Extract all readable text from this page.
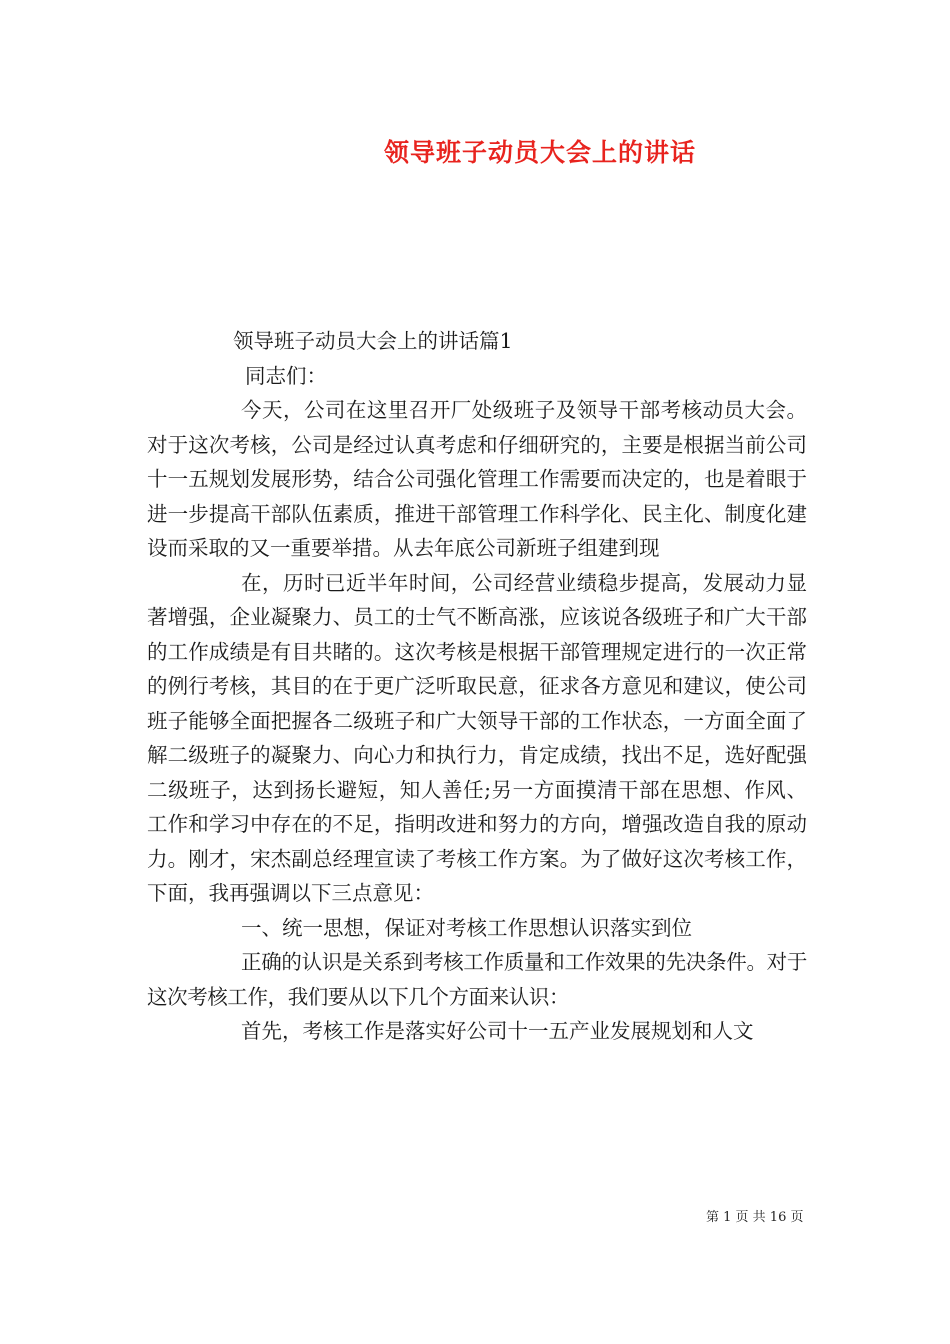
领导班子动员大会上的讲话

领导班子动员大会上的讲话篇1

同志们：

今天，公司在这里召开厂处级班子及领导干部考核动员大会。对于这次考核，公司是经过认真考虑和仔细研究的，主要是根据当前公司十一五规划发展形势，结合公司强化管理工作需要而决定的，也是着眼于进一步提高干部队伍素质，推进干部管理工作科学化、民主化、制度化建设而采取的又一重要举措。从去年底公司新班子组建到现

在，历时已近半年时间，公司经营业绩稳步提高，发展动力显著增强，企业凝聚力、员工的士气不断高涨，应该说各级班子和广大干部的工作成绩是有目共睹的。这次考核是根据干部管理规定进行的一次正常的例行考核，其目的在于更广泛听取民意，征求各方意见和建议，使公司班子能够全面把握各二级班子和广大领导干部的工作状态，一方面全面了解二级班子的凝聚力、向心力和执行力，肯定成绩，找出不足，选好配强二级班子，达到扬长避短，知人善任;另一方面摸清干部在思想、作风、工作和学习中存在的不足，指明改进和努力的方向，增强改造自我的原动力。刚才，宋杰副总经理宣读了考核工作方案。为了做好这次考核工作，下面，我再强调以下三点意见：

一、统一思想，保证对考核工作思想认识落实到位

正确的认识是关系到考核工作质量和工作效果的先决条件。对于这次考核工作，我们要从以下几个方面来认识：

首先，考核工作是落实好公司十一五产业发展规划和人文

第 1 页 共 16 页
